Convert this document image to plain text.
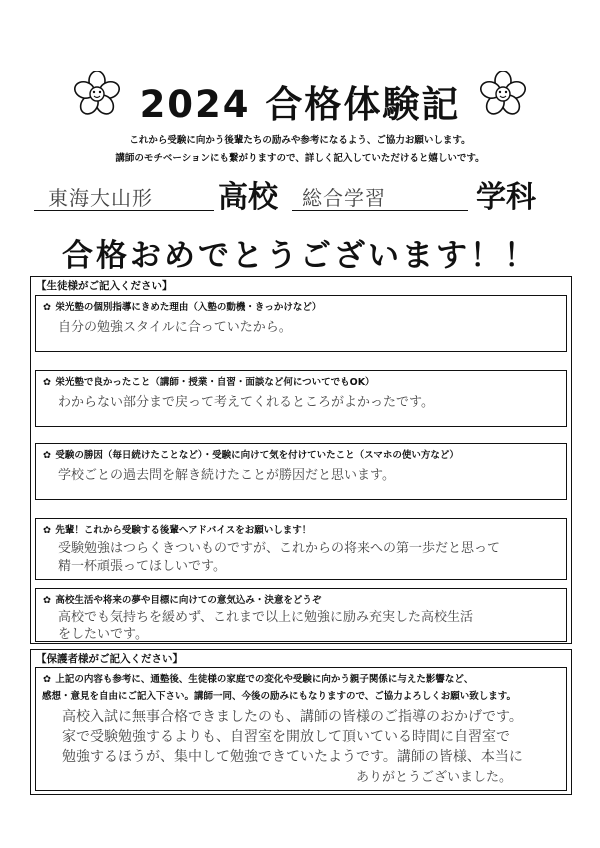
2024 合格体験記
これから受験に向かう後輩たちの励みや参考になるよう、ご協力お願いします。
講師のモチベーションにも繋がりますので、詳しく記入していただけると嬉しいです。
東海大山形 高校 総合学習	学科
合格おめでとうございます！！
【生徒様がご記入ください】
✿ 栄光塾の個別指導にきめた理由（入塾の動機・きっかけなど）
自分の勉強スタイルに合っていたから。
✿ 栄光塾で良かったこと（講師・授業・自習・面談など何についてでもOK）
わからない部分まで戻って考えてくれるところがよかったです。
✿ 受験の勝因（毎日続けたことなど）・受験に向けて気を付けていたこと（スマホの使い方など）
学校ごとの過去問を解き続けたことが勝因だと思います。
✿ 先輩！これから受験する後輩へアドバイスをお願いします！
受験勉強はつらくきついものですが、これからの将来への第一歩だと思って
精一杯頑張ってほしいです。
✿ 高校生活や将来の夢や目標に向けての意気込み・決意をどうぞ
高校でも気持ちを緩めず、これまで以上に勉強に励み充実した高校生活
をしたいです。
【保護者様がご記入ください】
✿ 上記の内容も参考に、通塾後、生徒様の家庭での変化や受験に向かう親子関係に与えた影響など、
感想・意見を自由にご記入下さい。講師一同、今後の励みにもなりますので、ご協力よろしくお願い致します。
高校入試に無事合格できましたのも、講師の皆様のご指導のおかげです。
家で受験勉強するよりも、自習室を開放して頂いている時間に自習室で
勉強するほうが、集中して勉強できていたようです。講師の皆様、本当に
ありがとうございました。
